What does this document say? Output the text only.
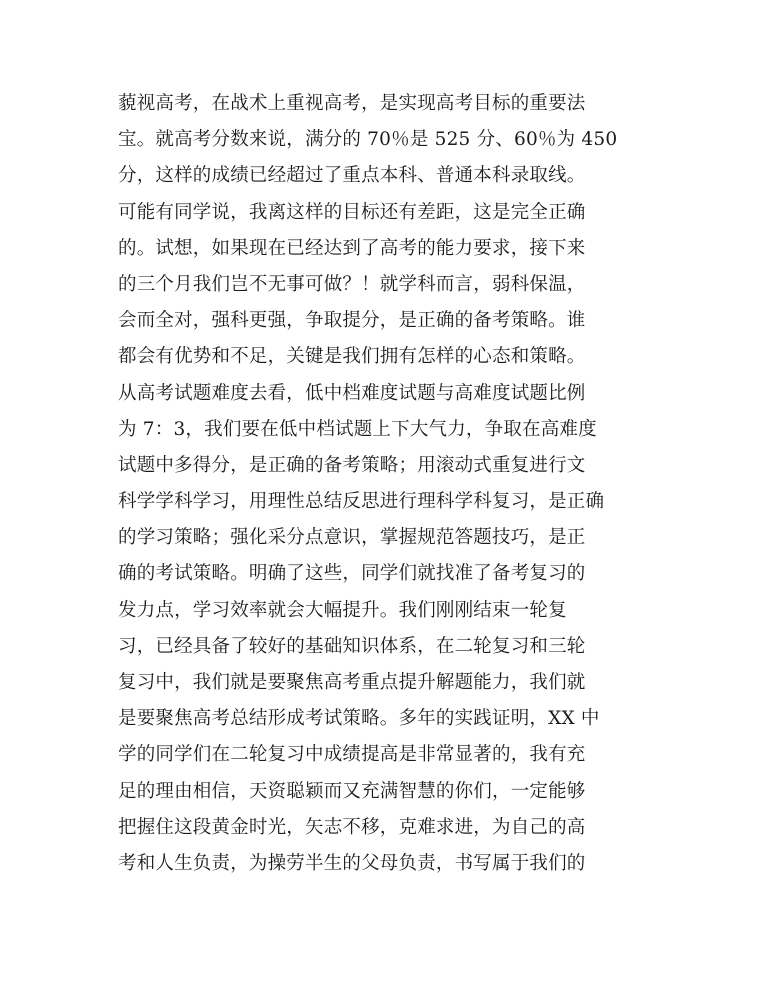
藐视高考，在战术上重视高考，是实现高考目标的重要法
宝。就高考分数来说，满分的 70％是 525 分、60％为 450
分，这样的成绩已经超过了重点本科、普通本科录取线。
可能有同学说，我离这样的目标还有差距，这是完全正确
的。试想，如果现在已经达到了高考的能力要求，接下来
的三个月我们岂不无事可做？！就学科而言，弱科保温，
会而全对，强科更强，争取提分，是正确的备考策略。谁
都会有优势和不足，关键是我们拥有怎样的心态和策略。
从高考试题难度去看，低中档难度试题与高难度试题比例
为 7：3，我们要在低中档试题上下大气力，争取在高难度
试题中多得分，是正确的备考策略；用滚动式重复进行文
科学学科学习，用理性总结反思进行理科学科复习，是正确
的学习策略；强化采分点意识，掌握规范答题技巧，是正
确的考试策略。明确了这些，同学们就找准了备考复习的
发力点，学习效率就会大幅提升。我们刚刚结束一轮复
习，已经具备了较好的基础知识体系，在二轮复习和三轮
复习中，我们就是要聚焦高考重点提升解题能力，我们就
是要聚焦高考总结形成考试策略。多年的实践证明，XX 中
学的同学们在二轮复习中成绩提高是非常显著的，我有充
足的理由相信，天资聪颖而又充满智慧的你们，一定能够
把握住这段黄金时光，矢志不移，克难求进，为自己的高
考和人生负责，为操劳半生的父母负责，书写属于我们的
